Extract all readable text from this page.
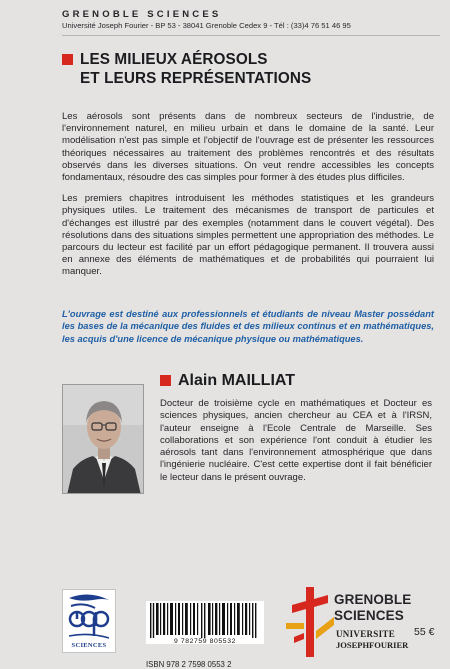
GRENOBLE SCIENCES
Université Joseph Fourier - BP 53 - 38041 Grenoble Cedex 9 - Tél : (33)4 76 51 46 95
LES MILIEUX AÉROSOLS
ET LEURS REPRÉSENTATIONS

Les aérosols sont présents dans de nombreux secteurs de l'industrie, de l'environnement naturel, en milieu urbain et dans le domaine de la santé. Leur modélisation n'est pas simple et l'objectif de l'ouvrage est de présenter les ressources théoriques nécessaires au traitement des problèmes rencontrés et des résultats observés dans les diverses situations. On veut rendre accessibles les concepts fondamentaux, résoudre des cas simples pour former à des études plus difficiles.

Les premiers chapitres introduisent les méthodes statistiques et les grandeurs physiques utiles. Le traitement des mécanismes de transport de particules et d'échanges est illustré par des exemples (notamment dans le couvert végétal). Des résolutions dans des situations simples permettent une appropriation des méthodes. Le parcours du lecteur est facilité par un effort pédagogique permanent. Il trouvera aussi en annexe des éléments de mathématiques et de probabilités qui pourraient lui manquer.

L'ouvrage est destiné aux professionnels et étudiants de niveau Master possédant les bases de la mécanique des fluides et des milieux continus et en mathématiques, les acquis d'une licence de mécanique physique ou mathématiques.
Alain MAILLIAT
Docteur de troisième cycle en mathématiques et Docteur es sciences physiques, ancien chercheur au CEA et à l'IRSN, l'auteur enseigne à l'Ecole Centrale de Marseille. Ses collaborations et son expérience l'ont conduit à étudier les aérosols tant dans l'environnement atmosphérique que dans l'ingénierie nucléaire. C'est cette expertise dont il fait bénéficier le lecteur dans le présent ouvrage.
SCIENCES
9 782759 805532
ISBN 978 2 7598 0553 2
GRENOBLE
SCIENCES
UNIVERSITE
JOSEPHFOURIER
55 €
